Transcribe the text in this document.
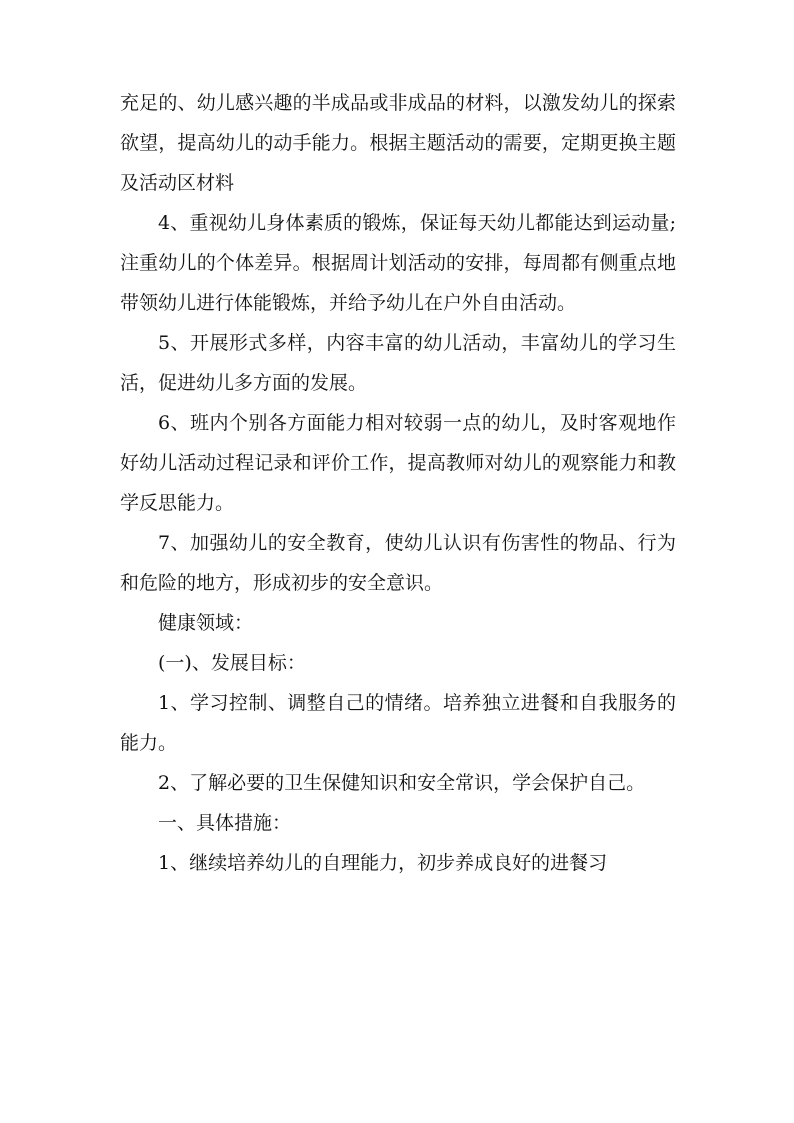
充足的、幼儿感兴趣的半成品或非成品的材料，以激发幼儿的探索欲望，提高幼儿的动手能力。根据主题活动的需要，定期更换主题及活动区材料

4、重视幼儿身体素质的锻炼，保证每天幼儿都能达到运动量;注重幼儿的个体差异。根据周计划活动的安排，每周都有侧重点地带领幼儿进行体能锻炼，并给予幼儿在户外自由活动。

5、开展形式多样，内容丰富的幼儿活动，丰富幼儿的学习生活，促进幼儿多方面的发展。

6、班内个别各方面能力相对较弱一点的幼儿，及时客观地作好幼儿活动过程记录和评价工作，提高教师对幼儿的观察能力和教学反思能力。

7、加强幼儿的安全教育，使幼儿认识有伤害性的物品、行为和危险的地方，形成初步的安全意识。

健康领域：

(一)、发展目标：

1、学习控制、调整自己的情绪。培养独立进餐和自我服务的能力。

2、了解必要的卫生保健知识和安全常识，学会保护自己。

一、具体措施：

1、继续培养幼儿的自理能力，初步养成良好的进餐习
